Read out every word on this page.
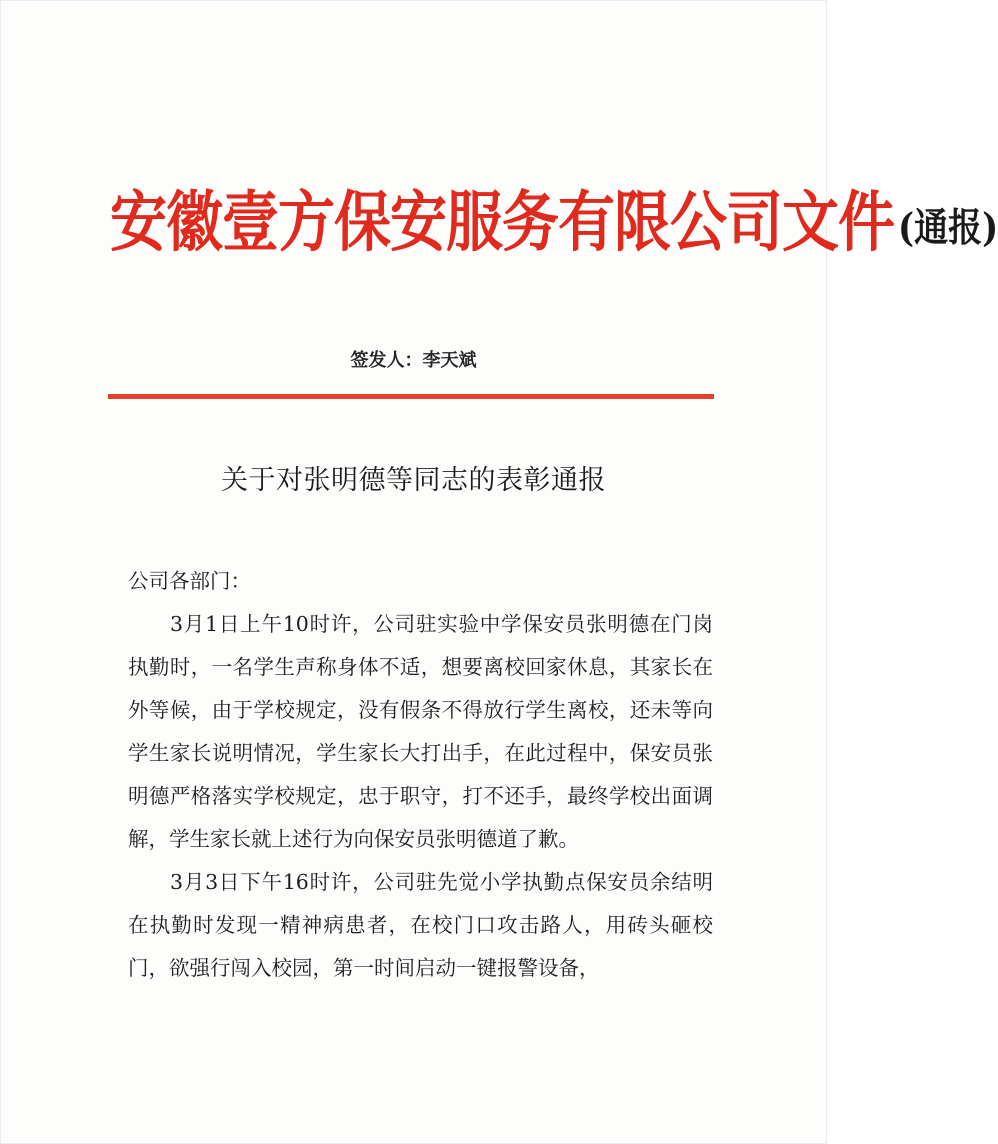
安徽壹方保安服务有限公司文件 (通报)
签发人：李天斌
关于对张明德等同志的表彰通报

公司各部门：

3月1日上午10时许，公司驻实验中学保安员张明德在门岗执勤时，一名学生声称身体不适，想要离校回家休息，其家长在外等候，由于学校规定，没有假条不得放行学生离校，还未等向学生家长说明情况，学生家长大打出手，在此过程中，保安员张明德严格落实学校规定，忠于职守，打不还手，最终学校出面调解，学生家长就上述行为向保安员张明德道了歉。

3月3日下午16时许，公司驻先觉小学执勤点保安员余结明在执勤时发现一精神病患者，在校门口攻击路人，用砖头砸校门，欲强行闯入校园，第一时间启动一键报警设备，
